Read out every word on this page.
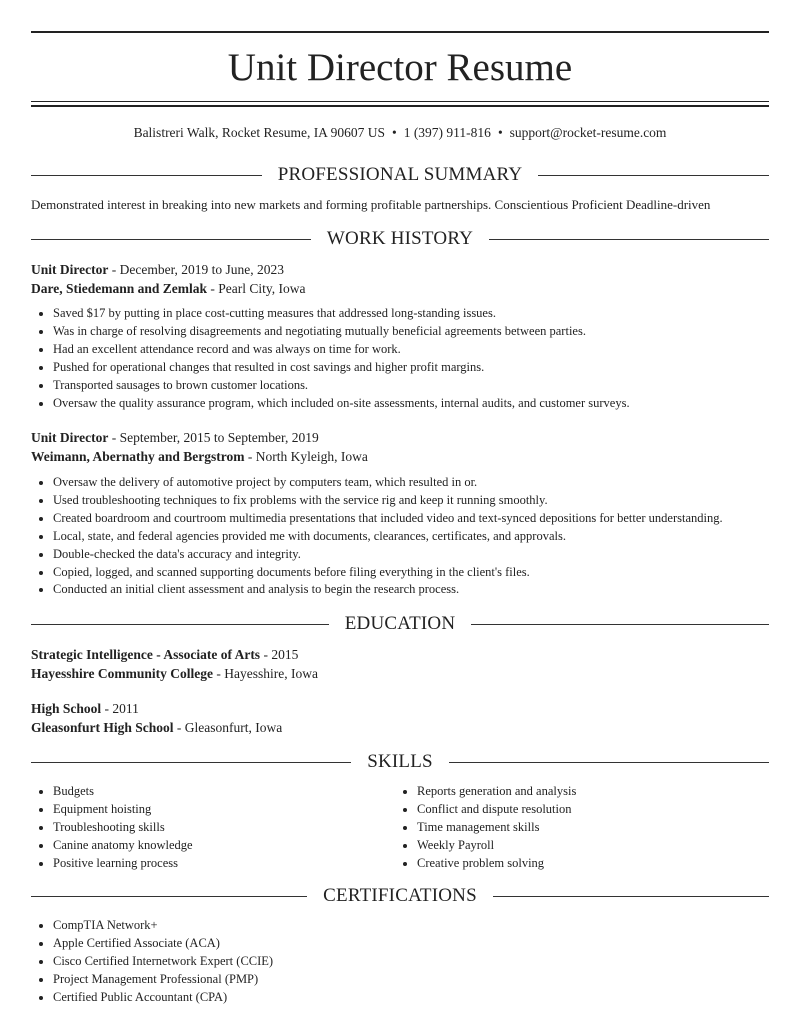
Unit Director Resume
Balistreri Walk, Rocket Resume, IA 90607 US • 1 (397) 911-816 • support@rocket-resume.com
PROFESSIONAL SUMMARY
Demonstrated interest in breaking into new markets and forming profitable partnerships. Conscientious Proficient Deadline-driven
WORK HISTORY
Unit Director - December, 2019 to June, 2023
Dare, Stiedemann and Zemlak - Pearl City, Iowa
• Saved $17 by putting in place cost-cutting measures that addressed long-standing issues.
• Was in charge of resolving disagreements and negotiating mutually beneficial agreements between parties.
• Had an excellent attendance record and was always on time for work.
• Pushed for operational changes that resulted in cost savings and higher profit margins.
• Transported sausages to brown customer locations.
• Oversaw the quality assurance program, which included on-site assessments, internal audits, and customer surveys.
Unit Director - September, 2015 to September, 2019
Weimann, Abernathy and Bergstrom - North Kyleigh, Iowa
• Oversaw the delivery of automotive project by computers team, which resulted in or.
• Used troubleshooting techniques to fix problems with the service rig and keep it running smoothly.
• Created boardroom and courtroom multimedia presentations that included video and text-synced depositions for better understanding.
• Local, state, and federal agencies provided me with documents, clearances, certificates, and approvals.
• Double-checked the data's accuracy and integrity.
• Copied, logged, and scanned supporting documents before filing everything in the client's files.
• Conducted an initial client assessment and analysis to begin the research process.
EDUCATION
Strategic Intelligence - Associate of Arts - 2015
Hayesshire Community College - Hayesshire, Iowa
High School - 2011
Gleasonfurt High School - Gleasonfurt, Iowa
SKILLS
• Budgets
• Equipment hoisting
• Troubleshooting skills
• Canine anatomy knowledge
• Positive learning process
• Reports generation and analysis
• Conflict and dispute resolution
• Time management skills
• Weekly Payroll
• Creative problem solving
CERTIFICATIONS
• CompTIA Network+
• Apple Certified Associate (ACA)
• Cisco Certified Internetwork Expert (CCIE)
• Project Management Professional (PMP)
• Certified Public Accountant (CPA)
